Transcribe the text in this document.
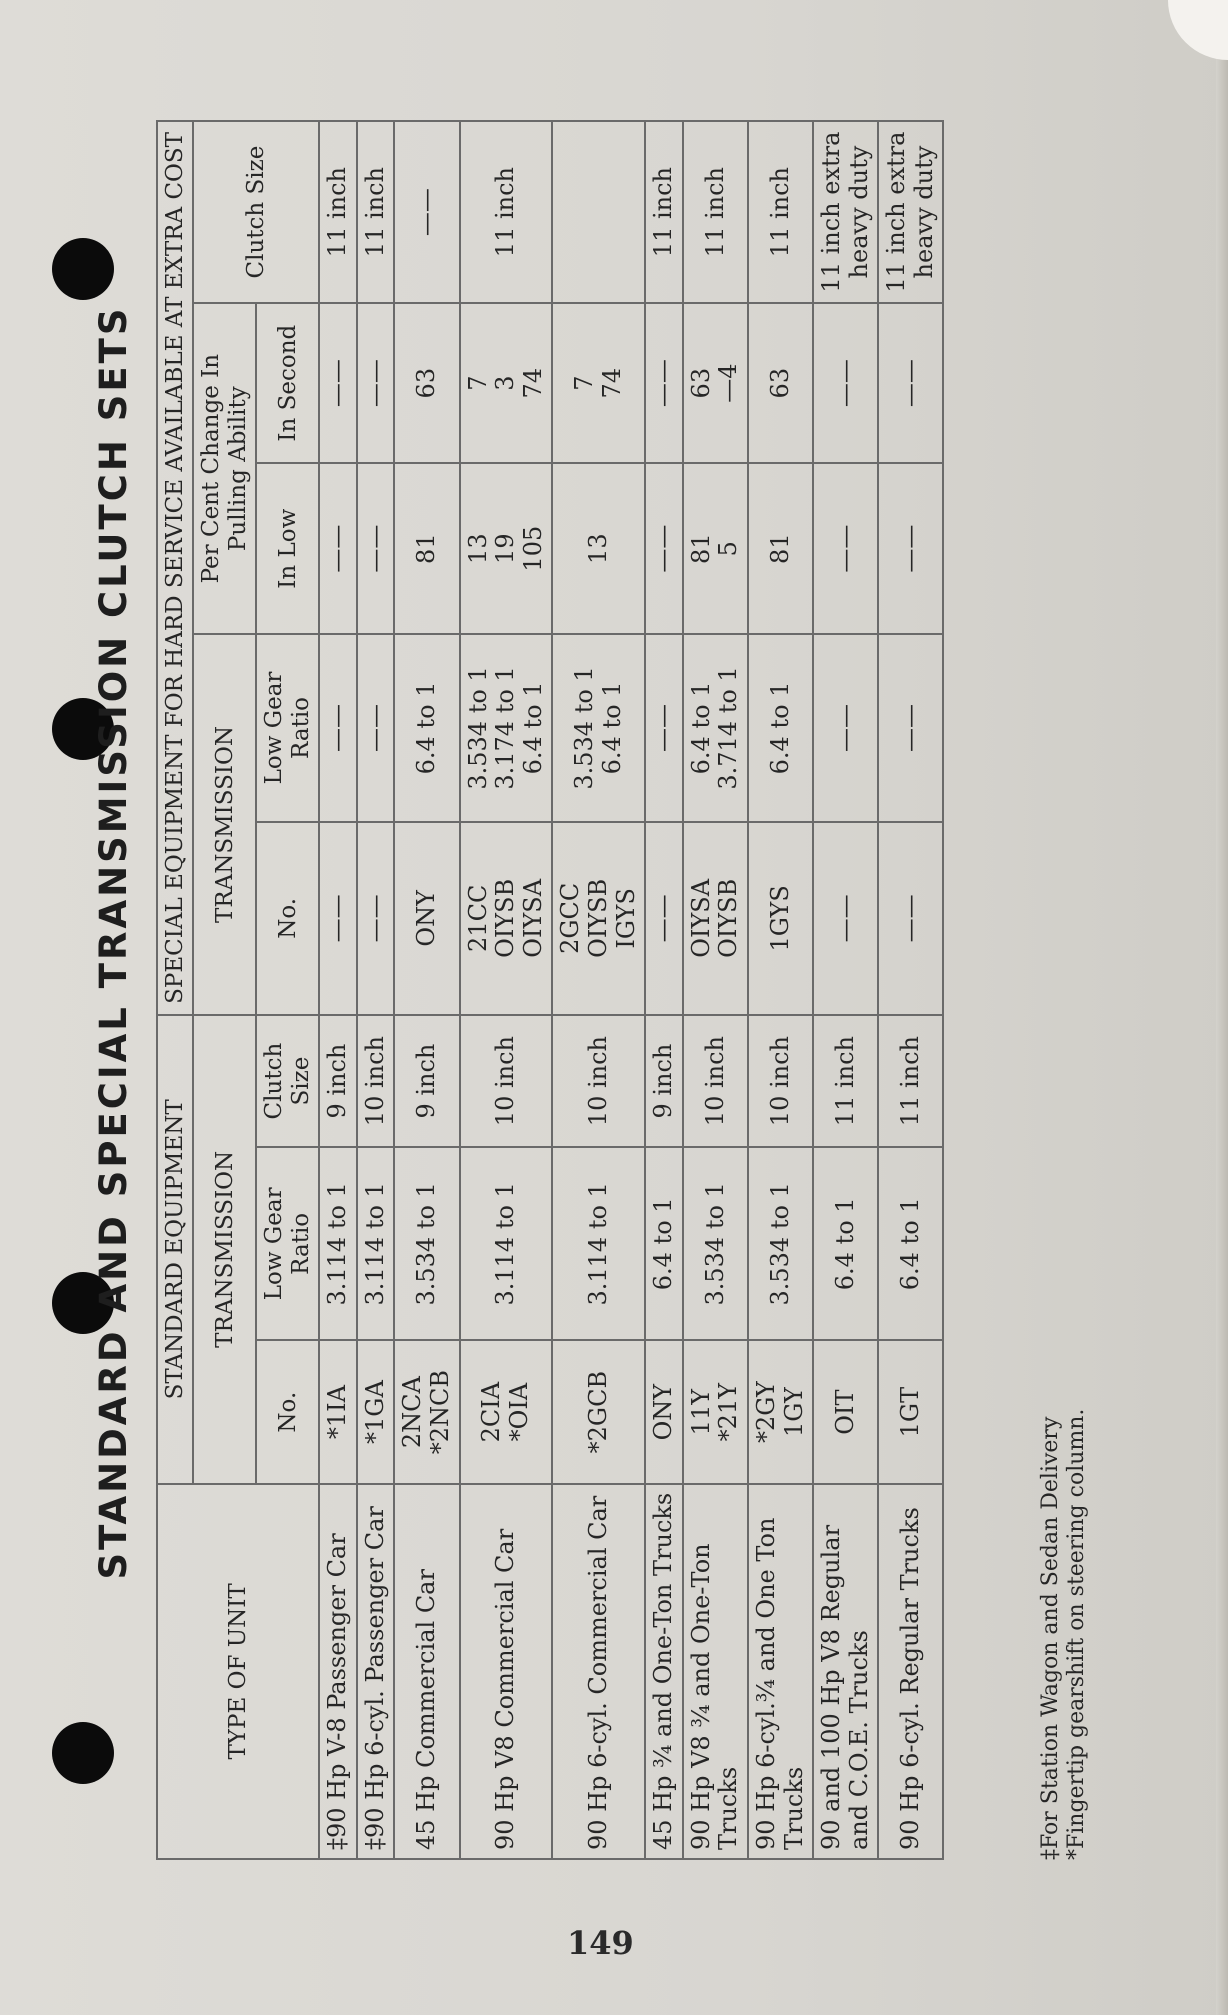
STANDARD AND SPECIAL TRANSMISSION CLUTCH SETS
TYPE OF UNIT	STANDARD EQUIPMENT			SPECIAL EQUIPMENT FOR HARD SERVICE AVAILABLE AT EXTRA COST				
	TRANSMISSION			TRANSMISSION		Per Cent Change In Pulling Ability		Clutch Size
	No.	Low Gear Ratio	Clutch Size	No.	Low Gear Ratio	In Low	In Second	

‡90 Hp V-8 Passenger Car	*1IA	3.114 to 1	9 inch	——	——	——	——	11 inch

‡90 Hp 6-cyl. Passenger Car	*1GA	3.114 to 1	10 inch	——	——	——	——	11 inch

45 Hp Commercial Car	2NCA *2NCB	3.534 to 1	9 inch	ONY	6.4 to 1	81	63	——

90 Hp V8 Commercial Car	2CIA *OIA	3.114 to 1	10 inch	21CC OIYSB OIYSA	3.534 to 1 3.174 to 1 6.4 to 1	13 19 105	7 3 74	11 inch

90 Hp 6-cyl. Commercial Car	*2GCB	3.114 to 1	10 inch	2GCC OIYSB IGYS	3.534 to 1 6.4 to 1	13	7 74	

45 Hp ¾ and One-Ton Trucks	ONY	6.4 to 1	9 inch	——	——	——	——	11 inch

90 Hp V8 ¾ and One-Ton Trucks	11Y *21Y	3.534 to 1	10 inch	OIYSA OIYSB	6.4 to 1 3.714 to 1	81 5	63 —4	11 inch

90 Hp 6-cyl.¾ and One Ton Trucks	*2GY 1GY	3.534 to 1	10 inch	1GYS	6.4 to 1	81	63	11 inch

90 and 100 Hp V8 Regular and C.O.E. Trucks	OIT	6.4 to 1	11 inch	——	——	——	——	11 inch extra heavy duty

90 Hp 6-cyl. Regular Trucks	1GT	6.4 to 1	11 inch	——	——	——	——	11 inch extra heavy duty
‡For Station Wagon and Sedan Delivery *Fingertip gearshift on steering column.
149
